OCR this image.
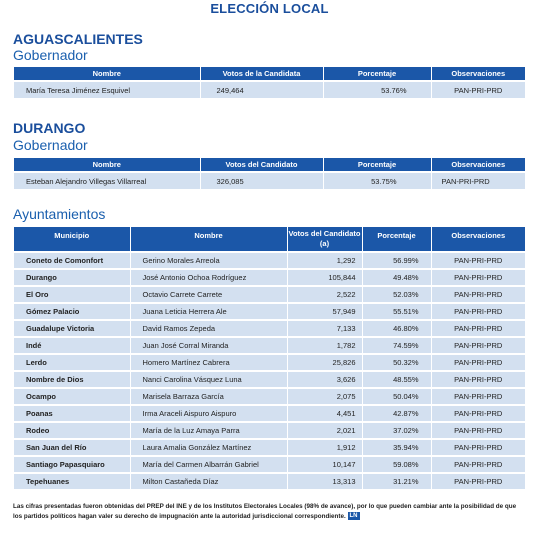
ELECCIÓN LOCAL
AGUASCALIENTES
Gobernador
Nombre	Votos de la Candidata	Porcentaje	Observaciones
María Teresa Jiménez Esquivel	249,464	53.76%	PAN-PRI-PRD
DURANGO
Gobernador
Nombre	Votos del Candidato	Porcentaje	Observaciones
Esteban Alejandro Villegas Villarreal	326,085	53.75%	PAN-PRI-PRD
Ayuntamientos
Municipio	Nombre	Votos del Candidato (a)	Porcentaje	Observaciones
Coneto de Comonfort	Gerino Morales Arreola	1,292	56.99%	PAN-PRI-PRD
Durango	José Antonio Ochoa Rodríguez	105,844	49.48%	PAN-PRI-PRD
El Oro	Octavio Carrete Carrete	2,522	52.03%	PAN-PRI-PRD
Gómez Palacio	Juana Leticia Herrera Ale	57,949	55.51%	PAN-PRI-PRD
Guadalupe Victoria	David Ramos Zepeda	7,133	46.80%	PAN-PRI-PRD
Indé	Juan José Corral Miranda	1,782	74.59%	PAN-PRI-PRD
Lerdo	Homero Martínez Cabrera	25,826	50.32%	PAN-PRI-PRD
Nombre de Dios	Nanci Carolina Vásquez Luna	3,626	48.55%	PAN-PRI-PRD
Ocampo	Marisela Barraza García	2,075	50.04%	PAN-PRI-PRD
Poanas	Irma Araceli Aispuro Aispuro	4,451	42.87%	PAN-PRI-PRD
Rodeo	María de la Luz Amaya Parra	2,021	37.02%	PAN-PRI-PRD
San Juan del Río	Laura Amalia González Martínez	1,912	35.94%	PAN-PRI-PRD
Santiago Papasquiaro	María del Carmen Albarrán Gabriel	10,147	59.08%	PAN-PRI-PRD
Tepehuanes	Milton Castañeda Díaz	13,313	31.21%	PAN-PRI-PRD
Las cifras presentadas fueron obtenidas del PREP del INE y de los Institutos Electorales Locales (98% de avance), por lo que pueden cambiar ante la posibilidad de que los partidos políticos hagan valer su derecho de impugnación ante la autoridad jurisdiccional correspondiente. LN
